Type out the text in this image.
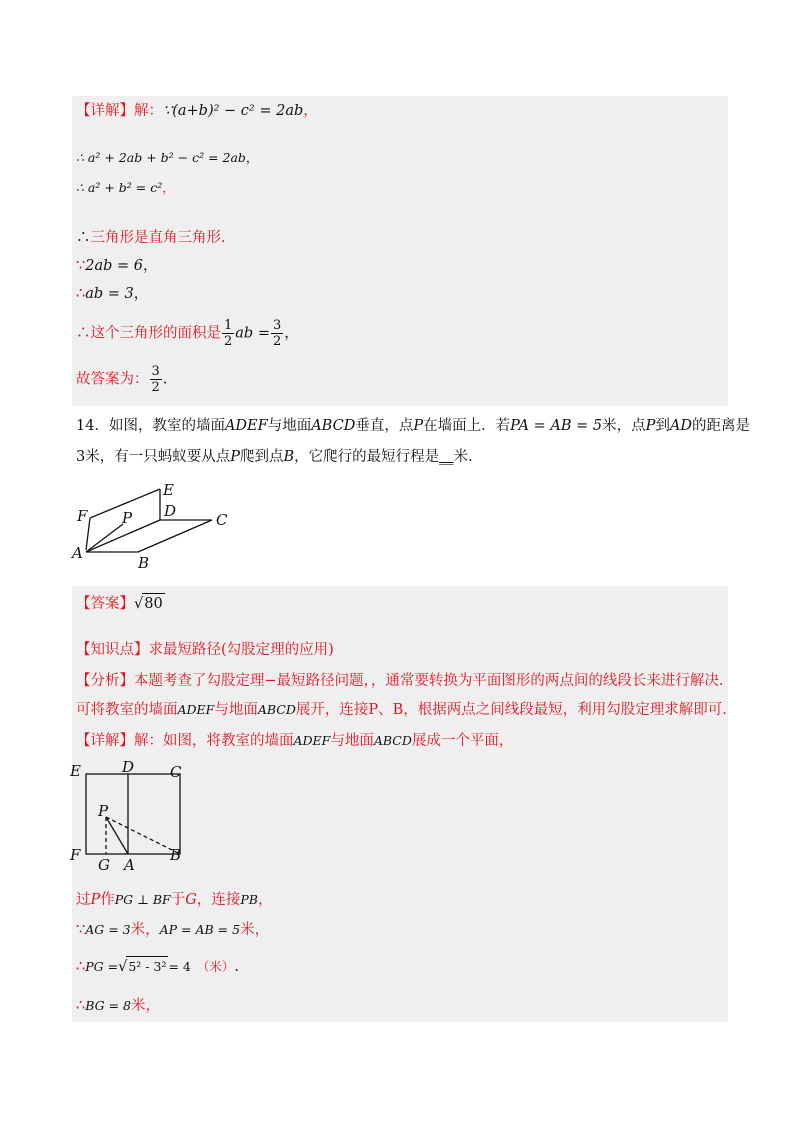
【详解】解：∵(a+b)² − c² = 2ab，
∴ a² + 2ab + b² − c² = 2ab，
∴ a² + b² = c²，
∴三角形是直角三角形.
∵2ab = 6，
∴ab = 3，
∴这个三角形的面积是 $\frac{1}{2}$ ab = $\frac{3}{2}$ ，
故答案为： $\frac{3}{2}$ .
14．如图，教室的墙面ADEF与地面ABCD垂直，点P在墙面上．若PA = AB = 5米，点P到AD的距离是
3米，有一只蚂蚁要从点P爬到点B，它爬行的最短行程是__米.
F P
E
D	C
A
B
【答案】√80
【知识点】求最短路径(勾股定理的应用)
【分析】本题考查了勾股定理−最短路径问题，，通常要转换为平面图形的两点间的线段长来进行解决.
可将教室的墙面ADEF与地面ABCD展开，连接P、B，根据两点之间线段最短，利用勾股定理求解即可.
【详解】解：如图，将教室的墙面ADEF与地面ABCD展成一个平面，
E	D C
P
F
G A
B
过P作PG ⊥ BF于G，连接PB，
∵AG = 3米，AP = AB = 5米，
∴PG =√5² - 3² = 4 （米）.
∴BG = 8米，
